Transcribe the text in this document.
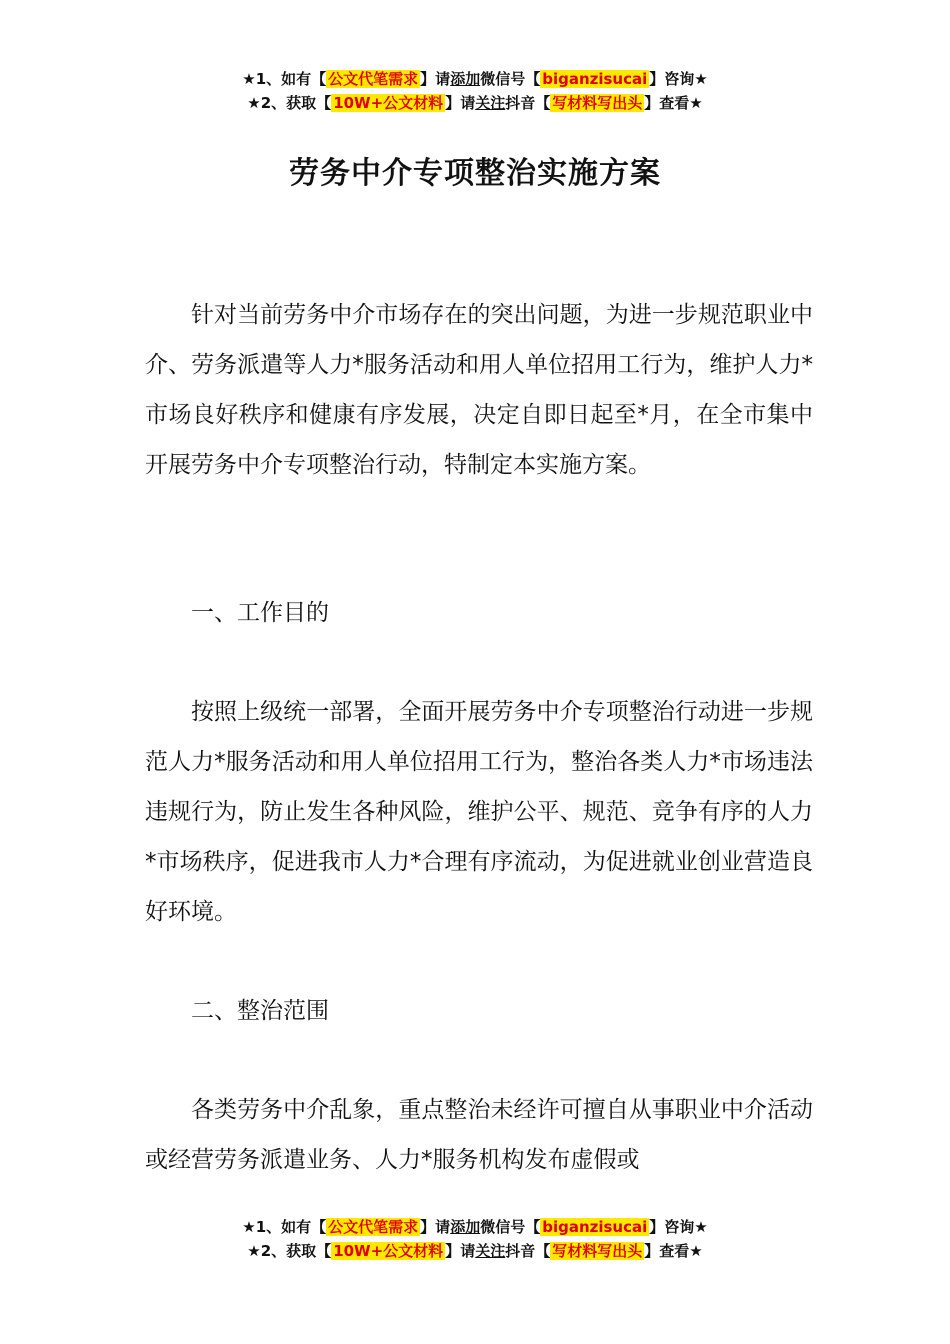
★1、如有【 公文代笔需求 】请添加微信号【 biganzisucai 】咨询★
★2、获取【 10W+公文材料 】请关注抖音【 写材料写出头 】查看★
劳务中介专项整治实施方案

针对当前劳务中介市场存在的突出问题，为进一步规范职业中介、劳务派遣等人力*服务活动和用人单位招用工行为，维护人力*市场良好秩序和健康有序发展，决定自即日起至*月，在全市集中开展劳务中介专项整治行动，特制定本实施方案。

一、工作目的

按照上级统一部署，全面开展劳务中介专项整治行动进一步规范人力*服务活动和用人单位招用工行为，整治各类人力*市场违法违规行为，防止发生各种风险，维护公平、规范、竞争有序的人力*市场秩序，促进我市人力*合理有序流动，为促进就业创业营造良好环境。

二、整治范围

各类劳务中介乱象，重点整治未经许可擅自从事职业中介活动或经营劳务派遣业务、人力*服务机构发布虚假或

★1、如有【 公文代笔需求 】请添加微信号【 biganzisucai 】咨询★
★2、获取【 10W+公文材料 】请关注抖音【 写材料写出头 】查看★
